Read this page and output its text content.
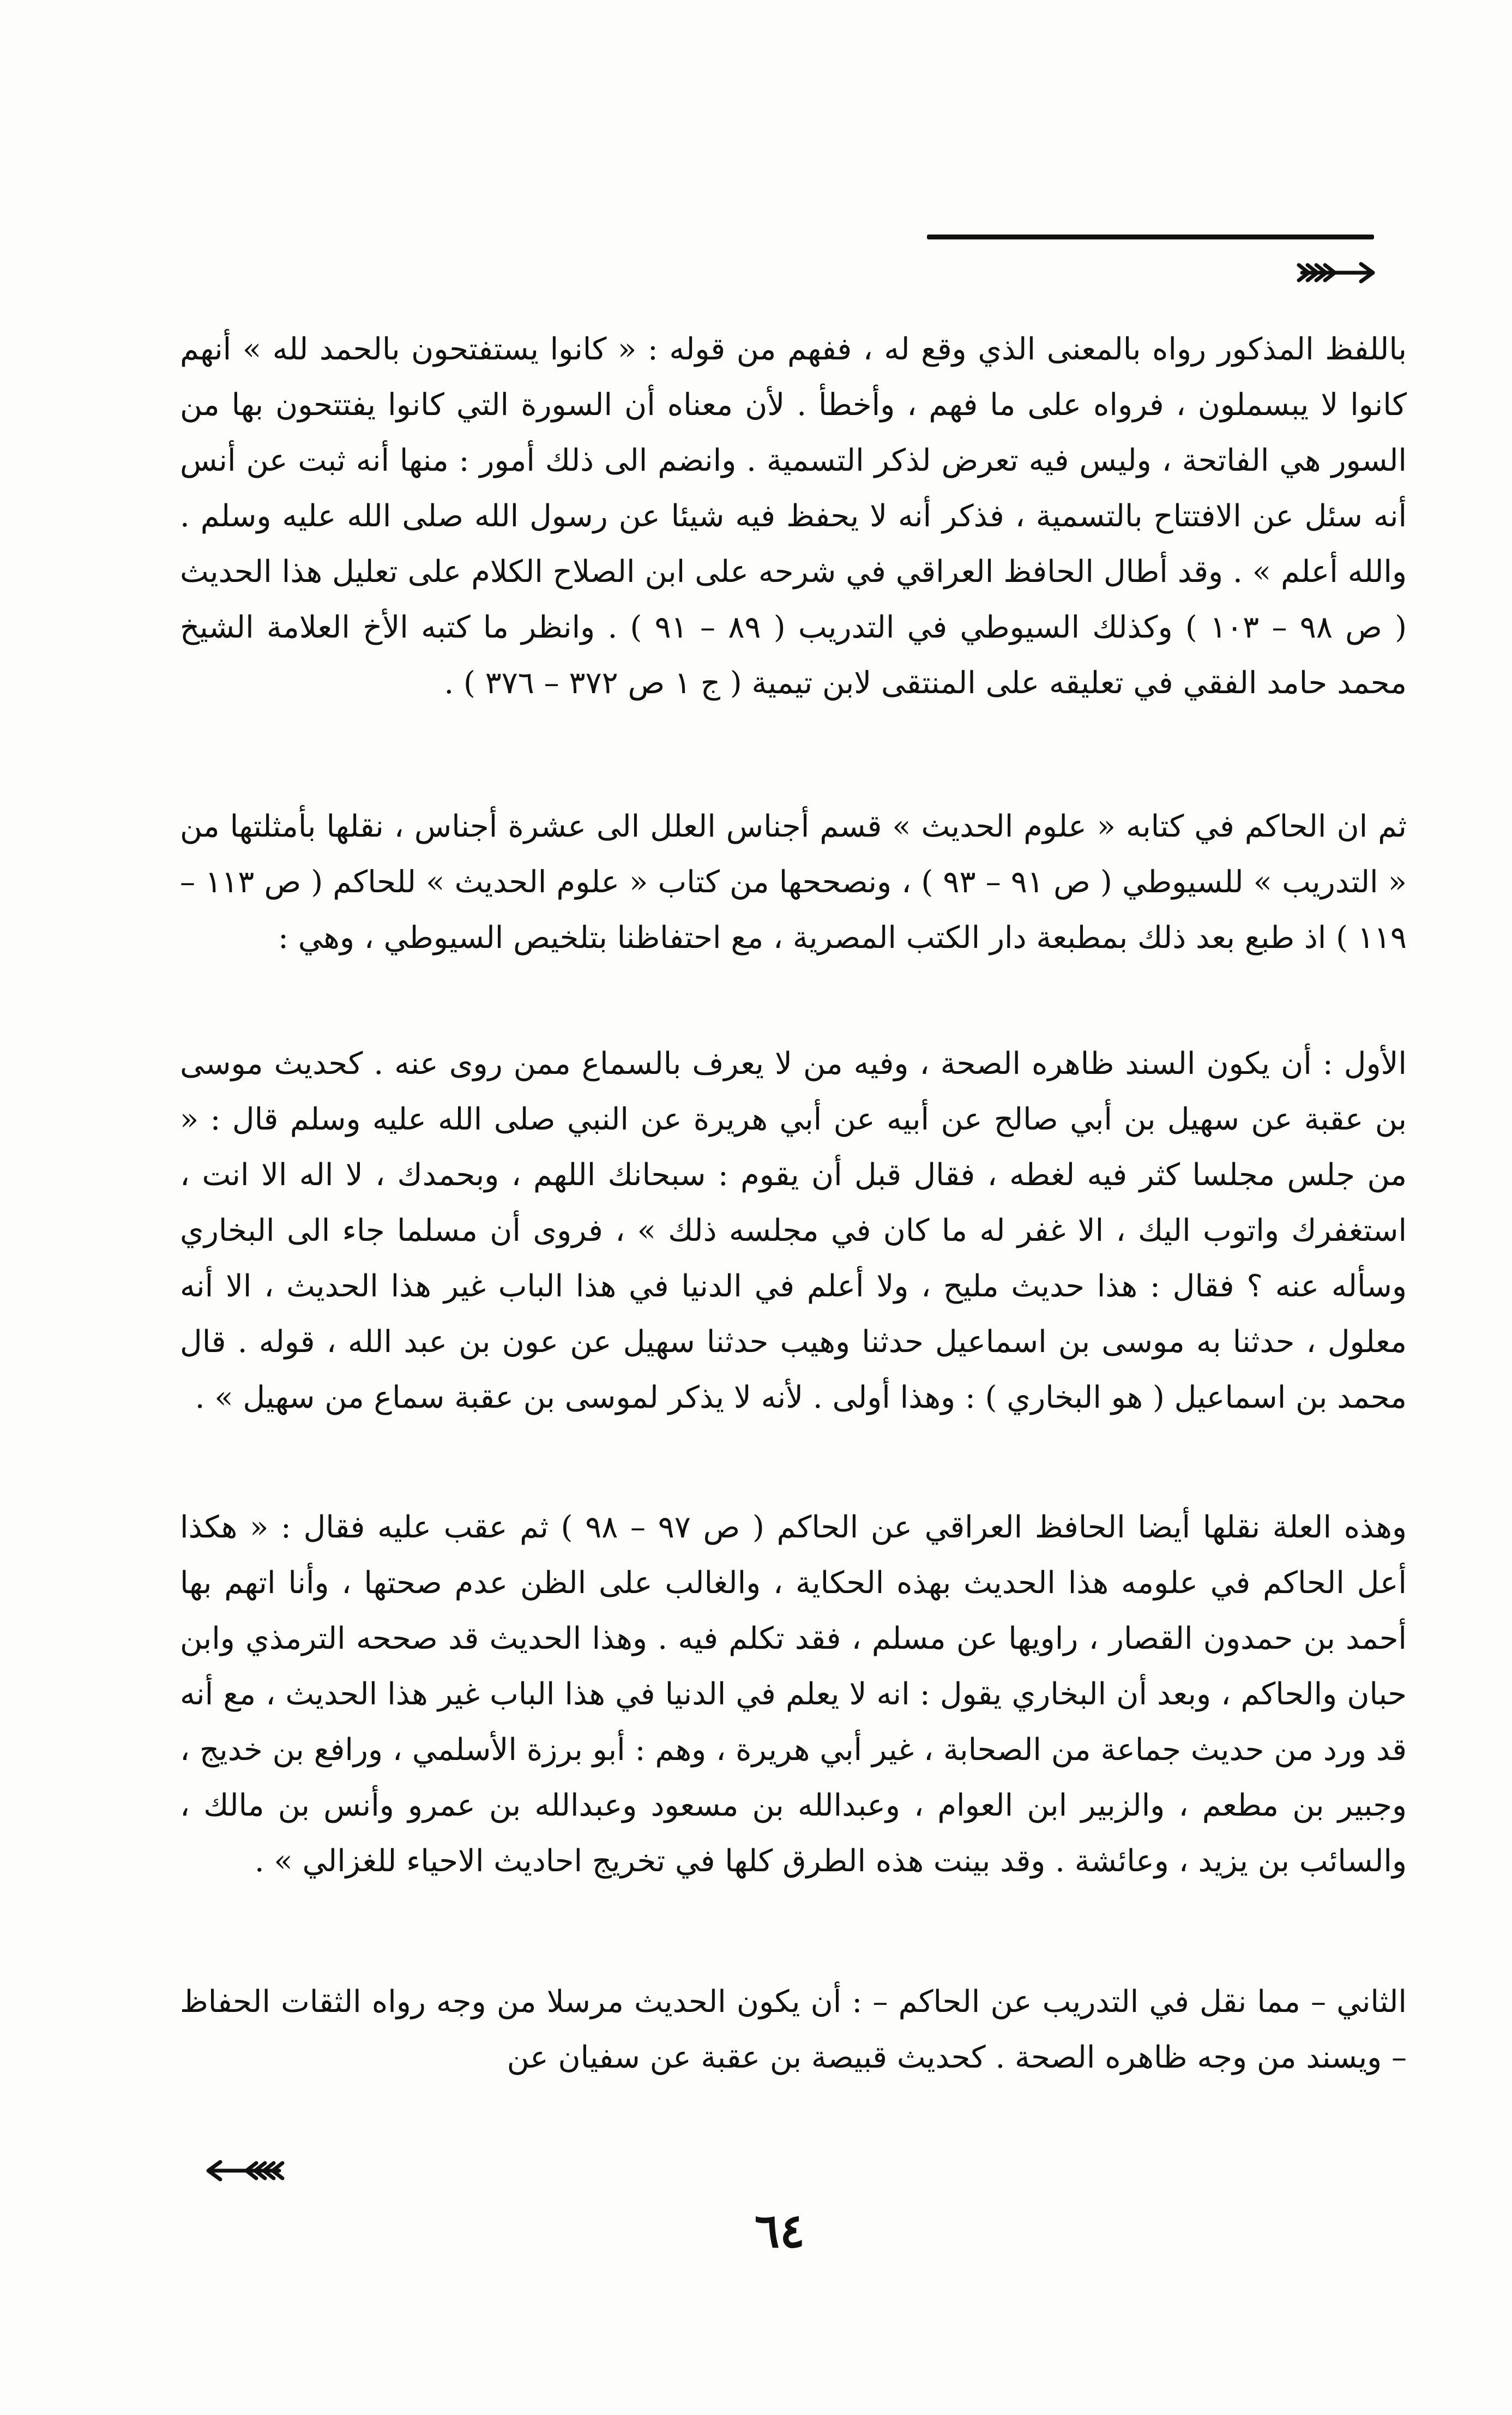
باللفظ المذكور رواه بالمعنى الذي وقع له ، ففهم من قوله : « كانوا يستفتحون بالحمد لله » أنهم كانوا لا يبسملون ، فرواه على ما فهم ، وأخطأ . لأن معناه أن السورة التي كانوا يفتتحون بها من السور هي الفاتحة ، وليس فيه تعرض لذكر التسمية . وانضم الى ذلك أمور : منها أنه ثبت عن أنس أنه سئل عن الافتتاح بالتسمية ، فذكر أنه لا يحفظ فيه شيئا عن رسول الله صلى الله عليه وسلم . والله أعلم » . وقد أطال الحافظ العراقي في شرحه على ابن الصلاح الكلام على تعليل هذا الحديث ( ص ٩٨ – ١٠٣ ) وكذلك السيوطي في التدريب ( ٨٩ – ٩١ ) . وانظر ما كتبه الأخ العلامة الشيخ محمد حامد الفقي في تعليقه على المنتقى لابن تيمية ( ج ١ ص ٣٧٢ – ٣٧٦ ) .
ثم ان الحاكم في كتابه « علوم الحديث » قسم أجناس العلل الى عشرة أجناس ، نقلها بأمثلتها من « التدريب » للسيوطي ( ص ٩١ – ٩٣ ) ، ونصححها من كتاب « علوم الحديث » للحاكم ( ص ١١٣ – ١١٩ ) اذ طبع بعد ذلك بمطبعة دار الكتب المصرية ، مع احتفاظنا بتلخيص السيوطي ، وهي :
الأول : أن يكون السند ظاهره الصحة ، وفيه من لا يعرف بالسماع ممن روى عنه . كحديث موسى بن عقبة عن سهيل بن أبي صالح عن أبيه عن أبي هريرة عن النبي صلى الله عليه وسلم قال : « من جلس مجلسا كثر فيه لغطه ، فقال قبل أن يقوم : سبحانك اللهم ، وبحمدك ، لا اله الا انت ، استغفرك واتوب اليك ، الا غفر له ما كان في مجلسه ذلك » ، فروى أن مسلما جاء الى البخاري وسأله عنه ؟ فقال : هذا حديث مليح ، ولا أعلم في الدنيا في هذا الباب غير هذا الحديث ، الا أنه معلول ، حدثنا به موسى بن اسماعيل حدثنا وهيب حدثنا سهيل عن عون بن عبد الله ، قوله . قال محمد بن اسماعيل ( هو البخاري ) : وهذا أولى . لأنه لا يذكر لموسى بن عقبة سماع من سهيل » .
وهذه العلة نقلها أيضا الحافظ العراقي عن الحاكم ( ص ٩٧ – ٩٨ ) ثم عقب عليه فقال : « هكذا أعل الحاكم في علومه هذا الحديث بهذه الحكاية ، والغالب على الظن عدم صحتها ، وأنا اتهم بها أحمد بن حمدون القصار ، راويها عن مسلم ، فقد تكلم فيه . وهذا الحديث قد صححه الترمذي وابن حبان والحاكم ، وبعد أن البخاري يقول : انه لا يعلم في الدنيا في هذا الباب غير هذا الحديث ، مع أنه قد ورد من حديث جماعة من الصحابة ، غير أبي هريرة ، وهم : أبو برزة الأسلمي ، ورافع بن خديج ، وجبير بن مطعم ، والزبير ابن العوام ، وعبدالله بن مسعود وعبدالله بن عمرو وأنس بن مالك ، والسائب بن يزيد ، وعائشة . وقد بينت هذه الطرق كلها في تخريج احاديث الاحياء للغزالي » .
الثاني – مما نقل في التدريب عن الحاكم – : أن يكون الحديث مرسلا من وجه رواه الثقات الحفاظ – ويسند من وجه ظاهره الصحة . كحديث قبيصة بن عقبة عن سفيان عن
٦٤
